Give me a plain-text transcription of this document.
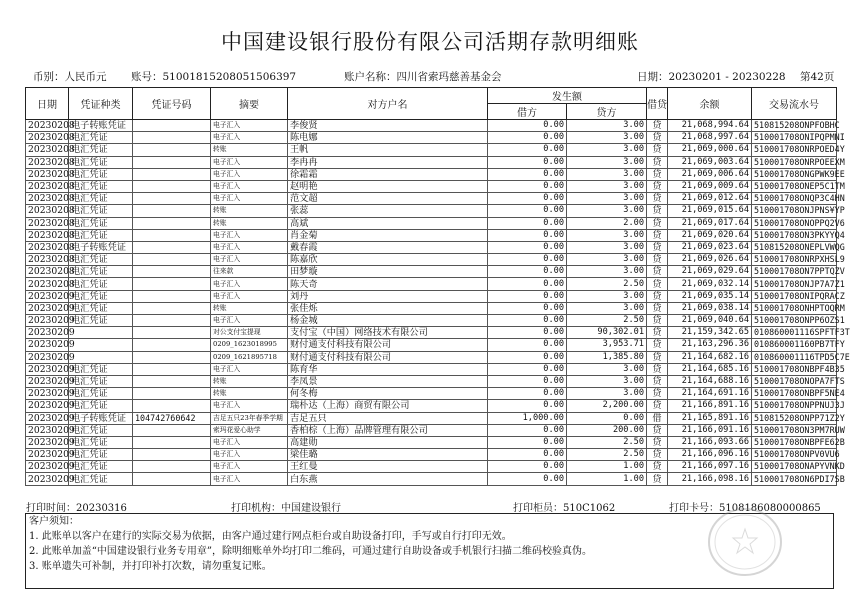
中国建设银行股份有限公司活期存款明细账
币别：人民币元 账号：51001815208051506397	账户名称：四川省索玛慈善基金会	日期：20230201 - 20230228 第42页
日期	凭证种类	凭证号码	摘要	对方户名	发生额		借贷	余额	交易流水号
					借方	贷方			
20230208	电子转账凭证		电子汇入	李俊贤	0.00	3.00	贷	21,068,994.64	510815208ONPFOBHC
20230208	电汇凭证		电子汇入	陈电娜	0.00	3.00	贷	21,068,997.64	510001708ONIPQPMNI
20230208	电汇凭证		转账	王帆	0.00	3.00	贷	21,069,000.64	510001708ONRPOED4Y
20230208	电汇凭证		电子汇入	李冉冉	0.00	3.00	贷	21,069,003.64	510001708ONRPOEEXM
20230208	电汇凭证		电子汇入	徐霜霜	0.00	3.00	贷	21,069,006.64	510001708ONGPWK9EE
20230208	电汇凭证		电子汇入	赵明艳	0.00	3.00	贷	21,069,009.64	510001708ONEP5C1TM
20230208	电汇凭证		电子汇入	范文超	0.00	3.00	贷	21,069,012.64	510001708ONQP3C4HN
20230208	电汇凭证		转账	张蕊	0.00	3.00	贷	21,069,015.64	510001708ONJPNS¥YP
20230208	电汇凭证		转账	高斌	0.00	2.00	贷	21,069,017.64	510001708ONOPPQ2V6
20230208	电汇凭证		电子汇入	肖金菊	0.00	3.00	贷	21,069,020.64	510001708ON3PKYYQ4
20230208	电子转账凭证		电子汇入	戴春霞	0.00	3.00	贷	21,069,023.64	510815208ONEPLVWQG
20230208	电汇凭证		电子汇入	陈嘉欣	0.00	3.00	贷	21,069,026.64	510001708ONRPXHSL9
20230208	电汇凭证		往来款	田梦璇	0.00	3.00	贷	21,069,029.64	510001708ON7PPTQZV
20230208	电汇凭证		电子汇入	陈天奇	0.00	2.50	贷	21,069,032.14	510001708ONJP7A7Z1
20230209	电汇凭证		电子汇入	刘丹	0.00	3.00	贷	21,069,035.14	510001708ONIPQRACZ
20230209	电汇凭证		转账	张佳烁	0.00	3.00	贷	21,069,038.14	510001708ONHPTOQRM
20230209	电汇凭证		电子汇入	杨金城	0.00	2.50	贷	21,069,040.64	510001708ONPP6OZS1
20230209			对公支付宝提现	支付宝（中国）网络技术有限公司	0.00	90,302.01	贷	21,159,342.65	010860001116SPFTF3T
20230209			0209_1623018995	财付通支付科技有限公司	0.00	3,953.71	贷	21,163,296.36	010860001160PB7TFY
20230209			0209_1621895718	财付通支付科技有限公司	0.00	1,385.80	贷	21,164,682.16	010860001116TPD5C7E
20230209	电汇凭证		电子汇入	陈育华	0.00	3.00	贷	21,164,685.16	510001708ONBPF4B35
20230209	电汇凭证		转账	李凤景	0.00	3.00	贷	21,164,688.16	510001708ONOPA7FTS
20230209	电汇凭证		转账	何冬梅	0.00	3.00	贷	21,164,691.16	510001708ONBPF5NE4
20230209	电汇凭证		电子汇入	瑞朴达（上海）商贸有限公司	0.00	2,200.00	贷	21,166,891.16	510001708ONPPNUJ3J
20230209	电子转账凭证	104742760642	吉足五只23年春季学期	吉足五只	1,000.00	0.00	借	21,165,891.16	510815208ONPP71Z2Y
20230209	电汇凭证		索玛花爱心助学	香柏棕（上海）品牌管理有限公司	0.00	200.00	贷	21,166,091.16	510001708ON3PM7RUW
20230209	电汇凭证		电子汇入	高建勋	0.00	2.50	贷	21,166,093.66	510001708ONBPFE62B
20230209	电汇凭证		电子汇入	梁佳璐	0.00	2.50	贷	21,166,096.16	510001708ONPV0VU6
20230209	电汇凭证		电子汇入	王红曼	0.00	1.00	贷	21,166,097.16	510001708ONAPYVNKD
20230209	电汇凭证		电子汇入	白东燕	0.00	1.00	贷	21,166,098.16	510001708ON6PDI7SB
打印时间：20230316	打印机构：中国建设银行	打印柜员：510C1062	打印卡号：5108186080000865
客户须知：
1. 此账单以客户在建行的实际交易为依据，由客户通过建行网点柜台或自助设备打印，手写或自行打印无效。
2. 此账单加盖“中国建设银行业务专用章”，除明细账单外均打印二维码，可通过建行自助设备或手机银行扫描二维码校验真伪。
3. 账单遗失可补制，并打印补打次数，请勿重复记账。
